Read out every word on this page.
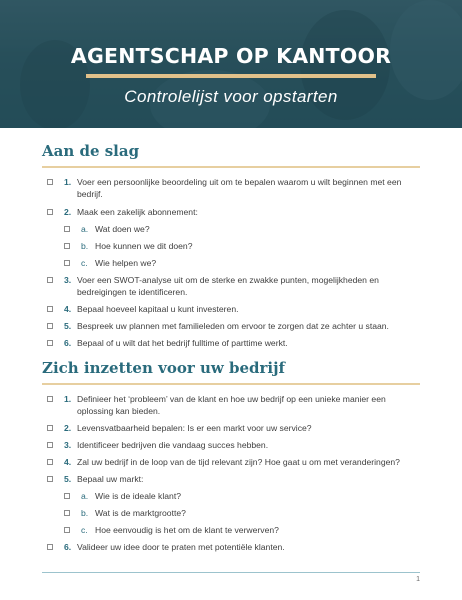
AGENTSCHAP OP KANTOOR
Controlelijst voor opstarten
Aan de slag
1. Voer een persoonlijke beoordeling uit om te bepalen waarom u wilt beginnen met een bedrijf.
2. Maak een zakelijk abonnement:
a. Wat doen we?
b. Hoe kunnen we dit doen?
c. Wie helpen we?
3. Voer een SWOT-analyse uit om de sterke en zwakke punten, mogelijkheden en bedreigingen te identificeren.
4. Bepaal hoeveel kapitaal u kunt investeren.
5. Bespreek uw plannen met familieleden om ervoor te zorgen dat ze achter u staan.
6. Bepaal of u wilt dat het bedrijf fulltime of parttime werkt.
Zich inzetten voor uw bedrijf
1. Definieer het ‘probleem’ van de klant en hoe uw bedrijf op een unieke manier een oplossing kan bieden.
2. Levensvatbaarheid bepalen: Is er een markt voor uw service?
3. Identificeer bedrijven die vandaag succes hebben.
4. Zal uw bedrijf in de loop van de tijd relevant zijn? Hoe gaat u om met veranderingen?
5. Bepaal uw markt:
a. Wie is de ideale klant?
b. Wat is de marktgrootte?
c. Hoe eenvoudig is het om de klant te verwerven?
6. Valideer uw idee door te praten met potentiële klanten.
1
